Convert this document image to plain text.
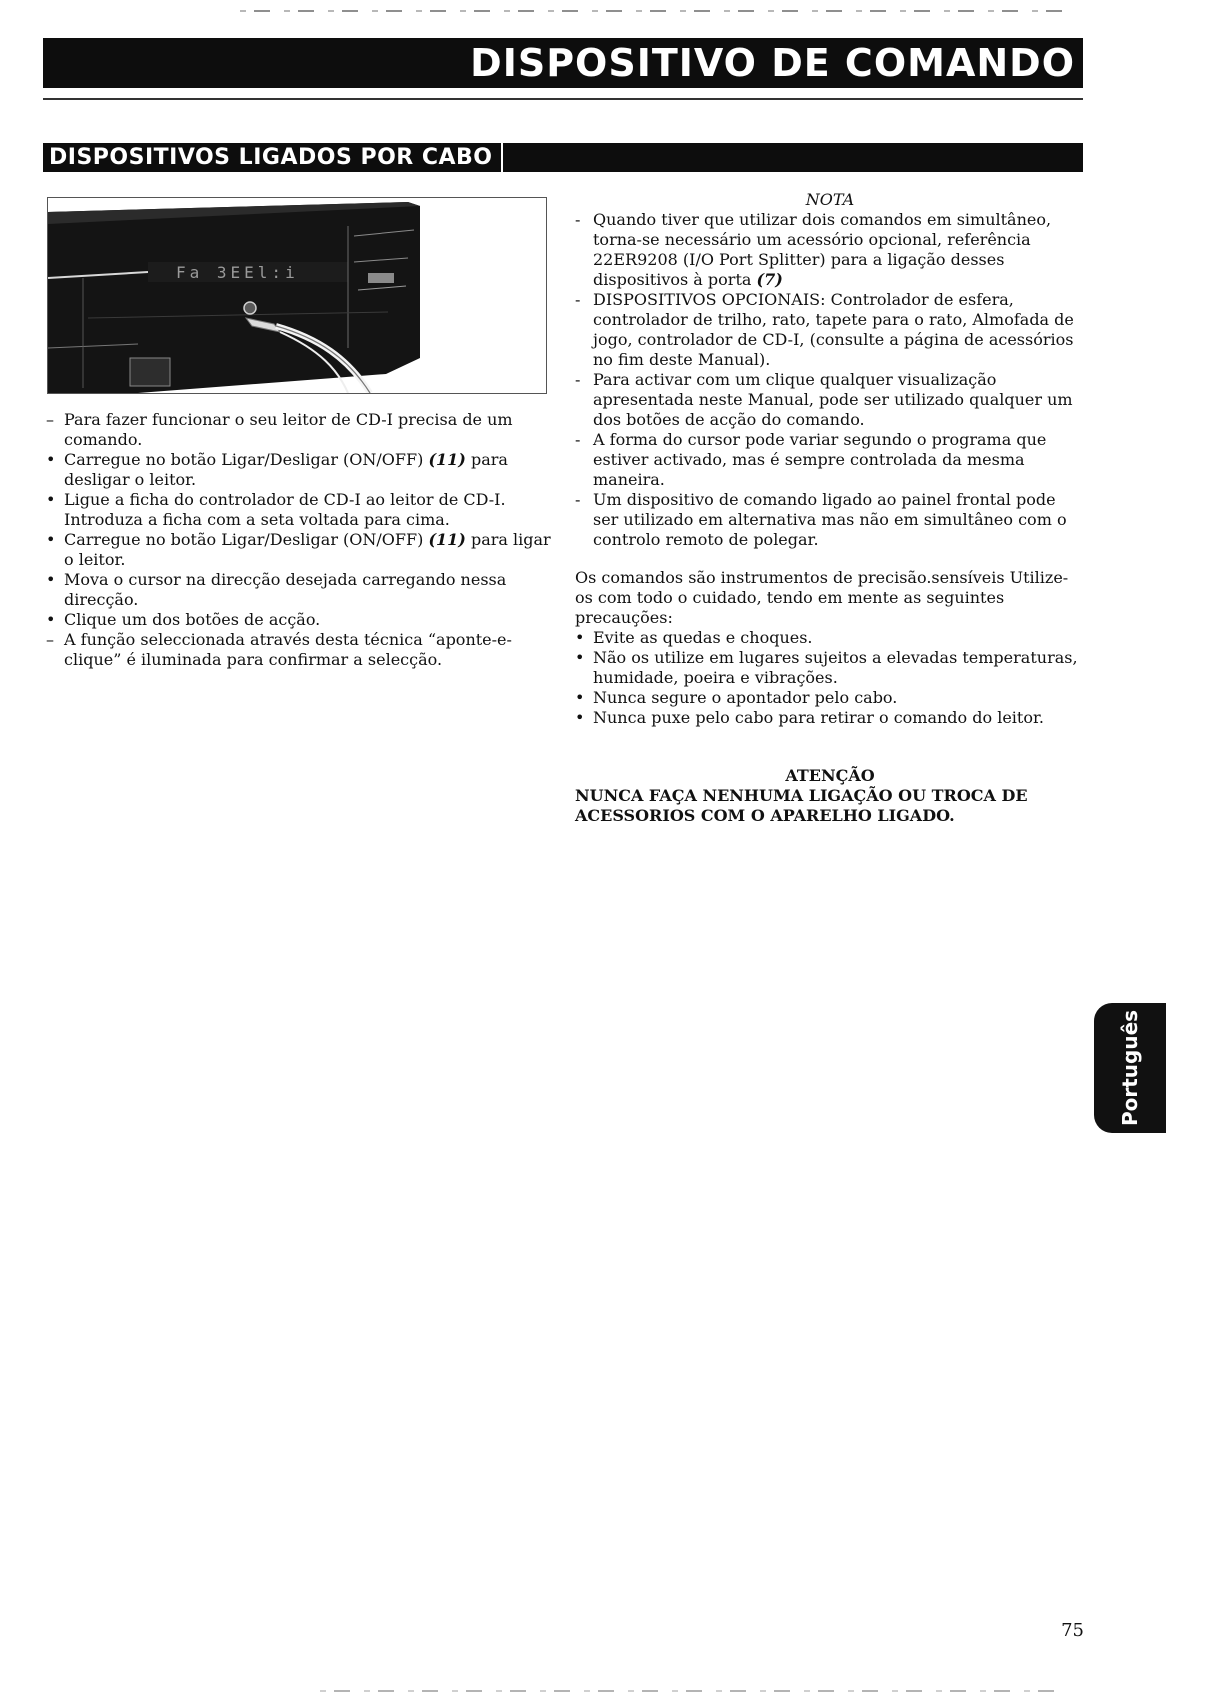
DISPOSITIVO DE COMANDO
DISPOSITIVOS LIGADOS POR CABO
Fa 3EEl:i
– Para fazer funcionar o seu leitor de CD-I precisa de um comando.
• Carregue no botão Ligar/Desligar (ON/OFF) (11) para desligar o leitor.
• Ligue a ficha do controlador de CD-I ao leitor de CD-I. Introduza a ficha com a seta voltada para cima.
• Carregue no botão Ligar/Desligar (ON/OFF) (11) para ligar o leitor.
• Mova o cursor na direcção desejada carregando nessa direcção.
• Clique um dos botões de acção.
– A função seleccionada através desta técnica “aponte-e-clique” é iluminada para confirmar a selecção.

NOTA

- Quando tiver que utilizar dois comandos em simultâneo, torna-se necessário um acessório opcional, referência 22ER9208 (I/O Port Splitter) para a ligação desses dispositivos à porta (7)
- DISPOSITIVOS OPCIONAIS: Controlador de esfera, controlador de trilho, rato, tapete para o rato, Almofada de jogo, controlador de CD-I, (consulte a página de acessórios no fim deste Manual).
- Para activar com um clique qualquer visualização apresentada neste Manual, pode ser utilizado qualquer um dos botões de acção do comando.
- A forma do cursor pode variar segundo o programa que estiver activado, mas é sempre controlada da mesma maneira.
- Um dispositivo de comando ligado ao painel frontal pode ser utilizado em alternativa mas não em simultâneo com o controlo remoto de polegar.

Os comandos são instrumentos de precisão.sensíveis Utilize-os com todo o cuidado, tendo em mente as seguintes precauções:

• Evite as quedas e choques.
• Não os utilize em lugares sujeitos a elevadas temperaturas, humidade, poeira e vibrações.
• Nunca segure o apontador pelo cabo.
• Nunca puxe pelo cabo para retirar o comando do leitor.
ATENÇÃO
NUNCA FAÇA NENHUMA LIGAÇÃO OU TROCA DE ACESSORIOS COM O APARELHO LIGADO.
Português
75
